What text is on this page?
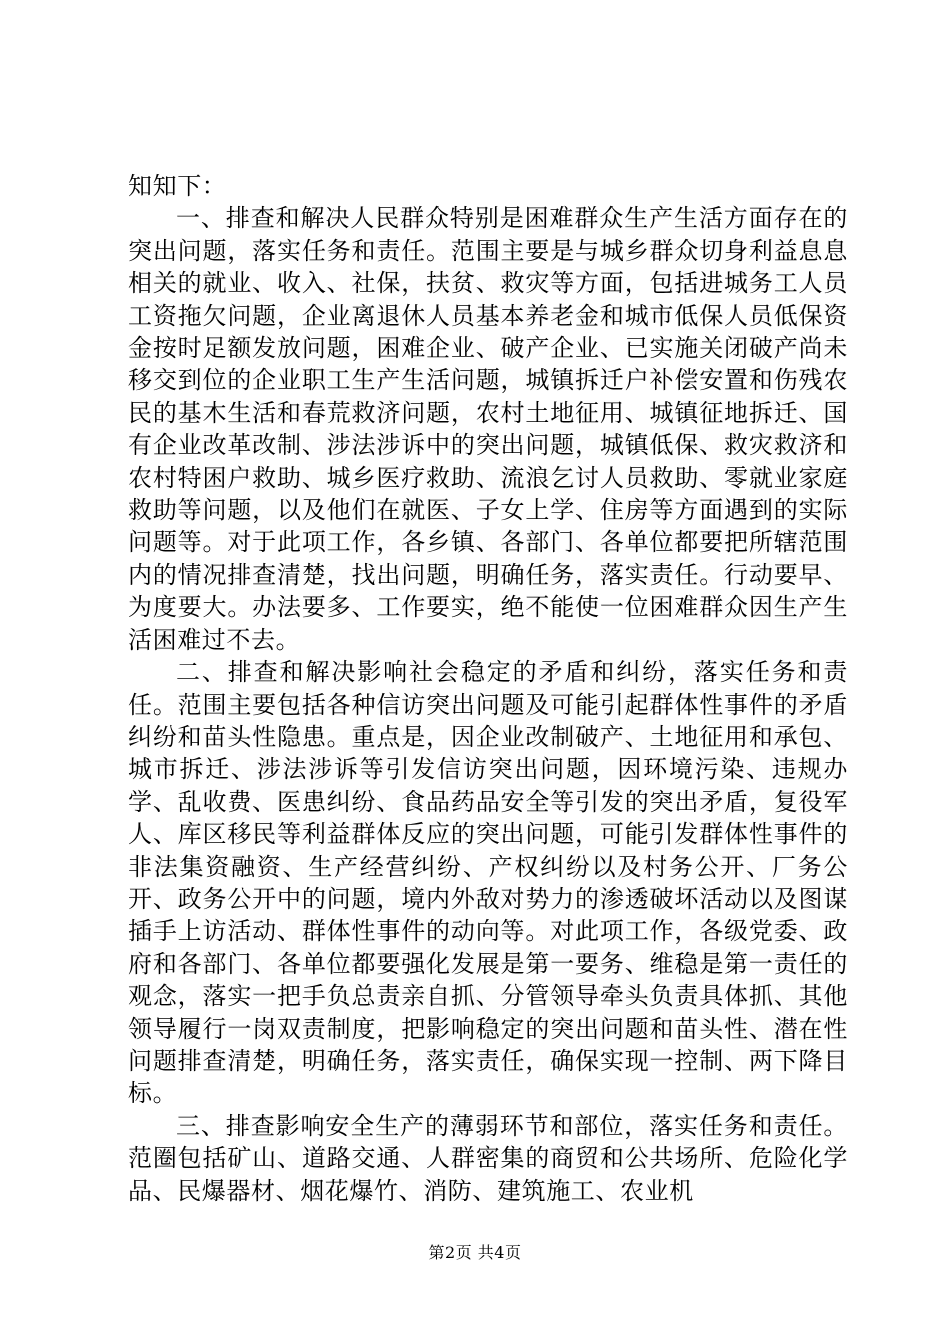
知知下：

一、排查和解决人民群众特别是困难群众生产生活方面存在的突出问题，落实任务和责任。范围主要是与城乡群众切身利益息息相关的就业、收入、社保，扶贫、救灾等方面，包括进城务工人员工资拖欠问题，企业离退休人员基本养老金和城市低保人员低保资金按时足额发放问题，困难企业、破产企业、已实施关闭破产尚未移交到位的企业职工生产生活问题，城镇拆迁户补偿安置和伤残农民的基木生活和春荒救济问题，农村土地征用、城镇征地拆迁、国有企业改革改制、涉法涉诉中的突出问题，城镇低保、救灾救济和农村特困户救助、城乡医疗救助、流浪乞讨人员救助、零就业家庭救助等问题，以及他们在就医、子女上学、住房等方面遇到的实际问题等。对于此项工作，各乡镇、各部门、各单位都要把所辖范围内的情况排查清楚，找出问题，明确任务，落实责任。行动要早、为度要大。办法要多、工作要实，绝不能使一位困难群众因生产生活困难过不去。

二、排查和解决影响社会稳定的矛盾和纠纷，落实任务和责任。范围主要包括各种信访突出问题及可能引起群体性事件的矛盾纠纷和苗头性隐患。重点是，因企业改制破产、土地征用和承包、城市拆迁、涉法涉诉等引发信访突出问题，因环境污染、违规办学、乱收费、医患纠纷、食品药品安全等引发的突出矛盾，复役军人、库区移民等利益群体反应的突出问题，可能引发群体性事件的非法集资融资、生产经营纠纷、产权纠纷以及村务公开、厂务公开、政务公开中的问题，境内外敌对势力的渗透破坏活动以及图谋插手上访活动、群体性事件的动向等。对此项工作，各级党委、政府和各部门、各单位都要强化发展是第一要务、维稳是第一责任的观念，落实一把手负总责亲自抓、分管领导牵头负责具体抓、其他领导履行一岗双责制度，把影响稳定的突出问题和苗头性、潜在性问题排查清楚，明确任务，落实责任，确保实现一控制、两下降目标。

三、排查影响安全生产的薄弱环节和部位，落实任务和责任。范圈包括矿山、道路交通、人群密集的商贸和公共场所、危险化学品、民爆器材、烟花爆竹、消防、建筑施工、农业机

第2页 共4页
